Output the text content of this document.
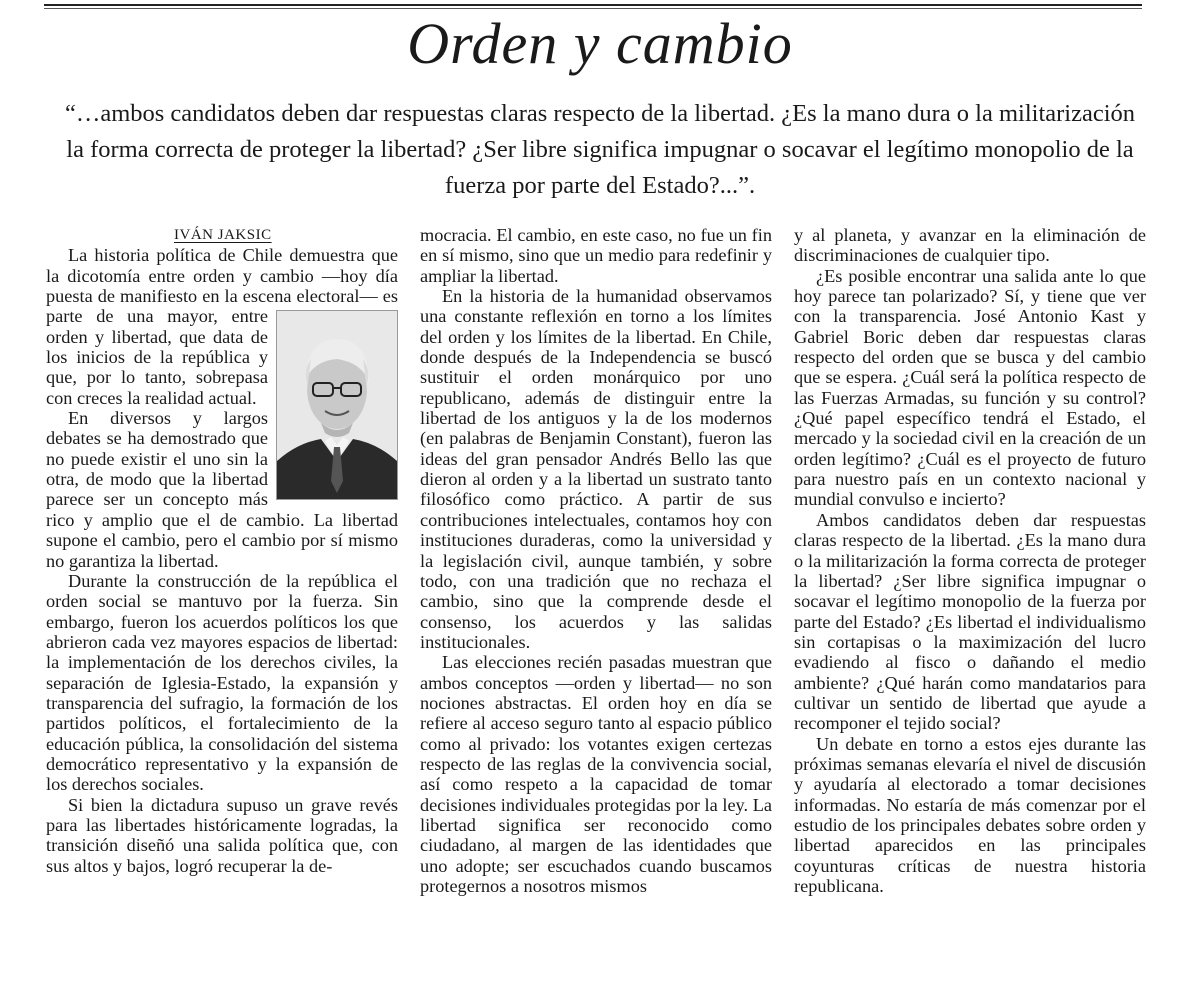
Orden y cambio

“…ambos candidatos deben dar respuestas claras respecto de la libertad. ¿Es la mano dura o la militarización la forma correcta de proteger la libertad? ¿Ser libre significa impugnar o socavar el legítimo monopolio de la fuerza por parte del Estado?...”.

IVÁN JAKSIC

La historia política de Chile demuestra que la dicotomía entre orden y cambio —hoy día puesta de manifiesto en la escena
electoral— es parte de una mayor, entre orden y libertad, que data de los inicios de la república y que, por lo tanto, sobrepasa con creces la realidad actual.

En diversos y largos debates se ha demostrado que no puede existir el uno sin la otra, de modo que la libertad parece ser un concepto más rico y amplio que el de cambio. La libertad supone el cambio, pero el cambio por sí mismo no garantiza la libertad.

Durante la construcción de la república el orden social se mantuvo por la fuerza. Sin embargo, fueron los acuerdos políticos los que abrieron cada vez mayores espacios de libertad: la implementación de los derechos civiles, la separación de Iglesia-Estado, la expansión y transparencia del sufragio, la formación de los partidos políticos, el fortalecimiento de la educación pública, la consolidación del sistema democrático representativo y la expansión de los derechos sociales.

Si bien la dictadura supuso un grave revés para las libertades históricamente logradas, la transición diseñó una salida política que, con sus altos y bajos, logró recuperar la de-

mocracia. El cambio, en este caso, no fue un fin en sí mismo, sino que un medio para redefinir y ampliar la libertad.

En la historia de la humanidad observamos una constante reflexión en torno a los límites del orden y los límites de la libertad. En Chile, donde después de la Independencia se buscó sustituir el orden monárquico por uno republicano, además de distinguir entre la libertad de los antiguos y la de los modernos (en palabras de Benjamin Constant), fueron las ideas del gran pensador Andrés Bello las que dieron al orden y a la libertad un sustrato tanto filosófico como práctico. A partir de sus contribuciones intelectuales, contamos hoy con instituciones duraderas, como la universidad y la legislación civil, aunque también, y sobre todo, con una tradición que no rechaza el cambio, sino que la comprende desde el consenso, los acuerdos y las salidas institucionales.

Las elecciones recién pasadas muestran que ambos conceptos —orden y libertad— no son nociones abstractas. El orden hoy en día se refiere al acceso seguro tanto al espacio público como al privado: los votantes exigen certezas respecto de las reglas de la convivencia social, así como respeto a la capacidad de tomar decisiones individuales protegidas por la ley. La libertad significa ser reconocido como ciudadano, al margen de las identidades que uno adopte; ser escuchados cuando buscamos protegernos a nosotros mismos

y al planeta, y avanzar en la eliminación de discriminaciones de cualquier tipo.

¿Es posible encontrar una salida ante lo que hoy parece tan polarizado? Sí, y tiene que ver con la transparencia. José Antonio Kast y Gabriel Boric deben dar respuestas claras respecto del orden que se busca y del cambio que se espera. ¿Cuál será la política respecto de las Fuerzas Armadas, su función y su control? ¿Qué papel específico tendrá el Estado, el mercado y la sociedad civil en la creación de un orden legítimo? ¿Cuál es el proyecto de futuro para nuestro país en un contexto nacional y mundial convulso e incierto?

Ambos candidatos deben dar respuestas claras respecto de la libertad. ¿Es la mano dura o la militarización la forma correcta de proteger la libertad? ¿Ser libre significa impugnar o socavar el legítimo monopolio de la fuerza por parte del Estado? ¿Es libertad el individualismo sin cortapisas o la maximización del lucro evadiendo al fisco o dañando el medio ambiente? ¿Qué harán como mandatarios para cultivar un sentido de libertad que ayude a recomponer el tejido social?

Un debate en torno a estos ejes durante las próximas semanas elevaría el nivel de discusión y ayudaría al electorado a tomar decisiones informadas. No estaría de más comenzar por el estudio de los principales debates sobre orden y libertad aparecidos en las principales coyunturas críticas de nuestra historia republicana.
